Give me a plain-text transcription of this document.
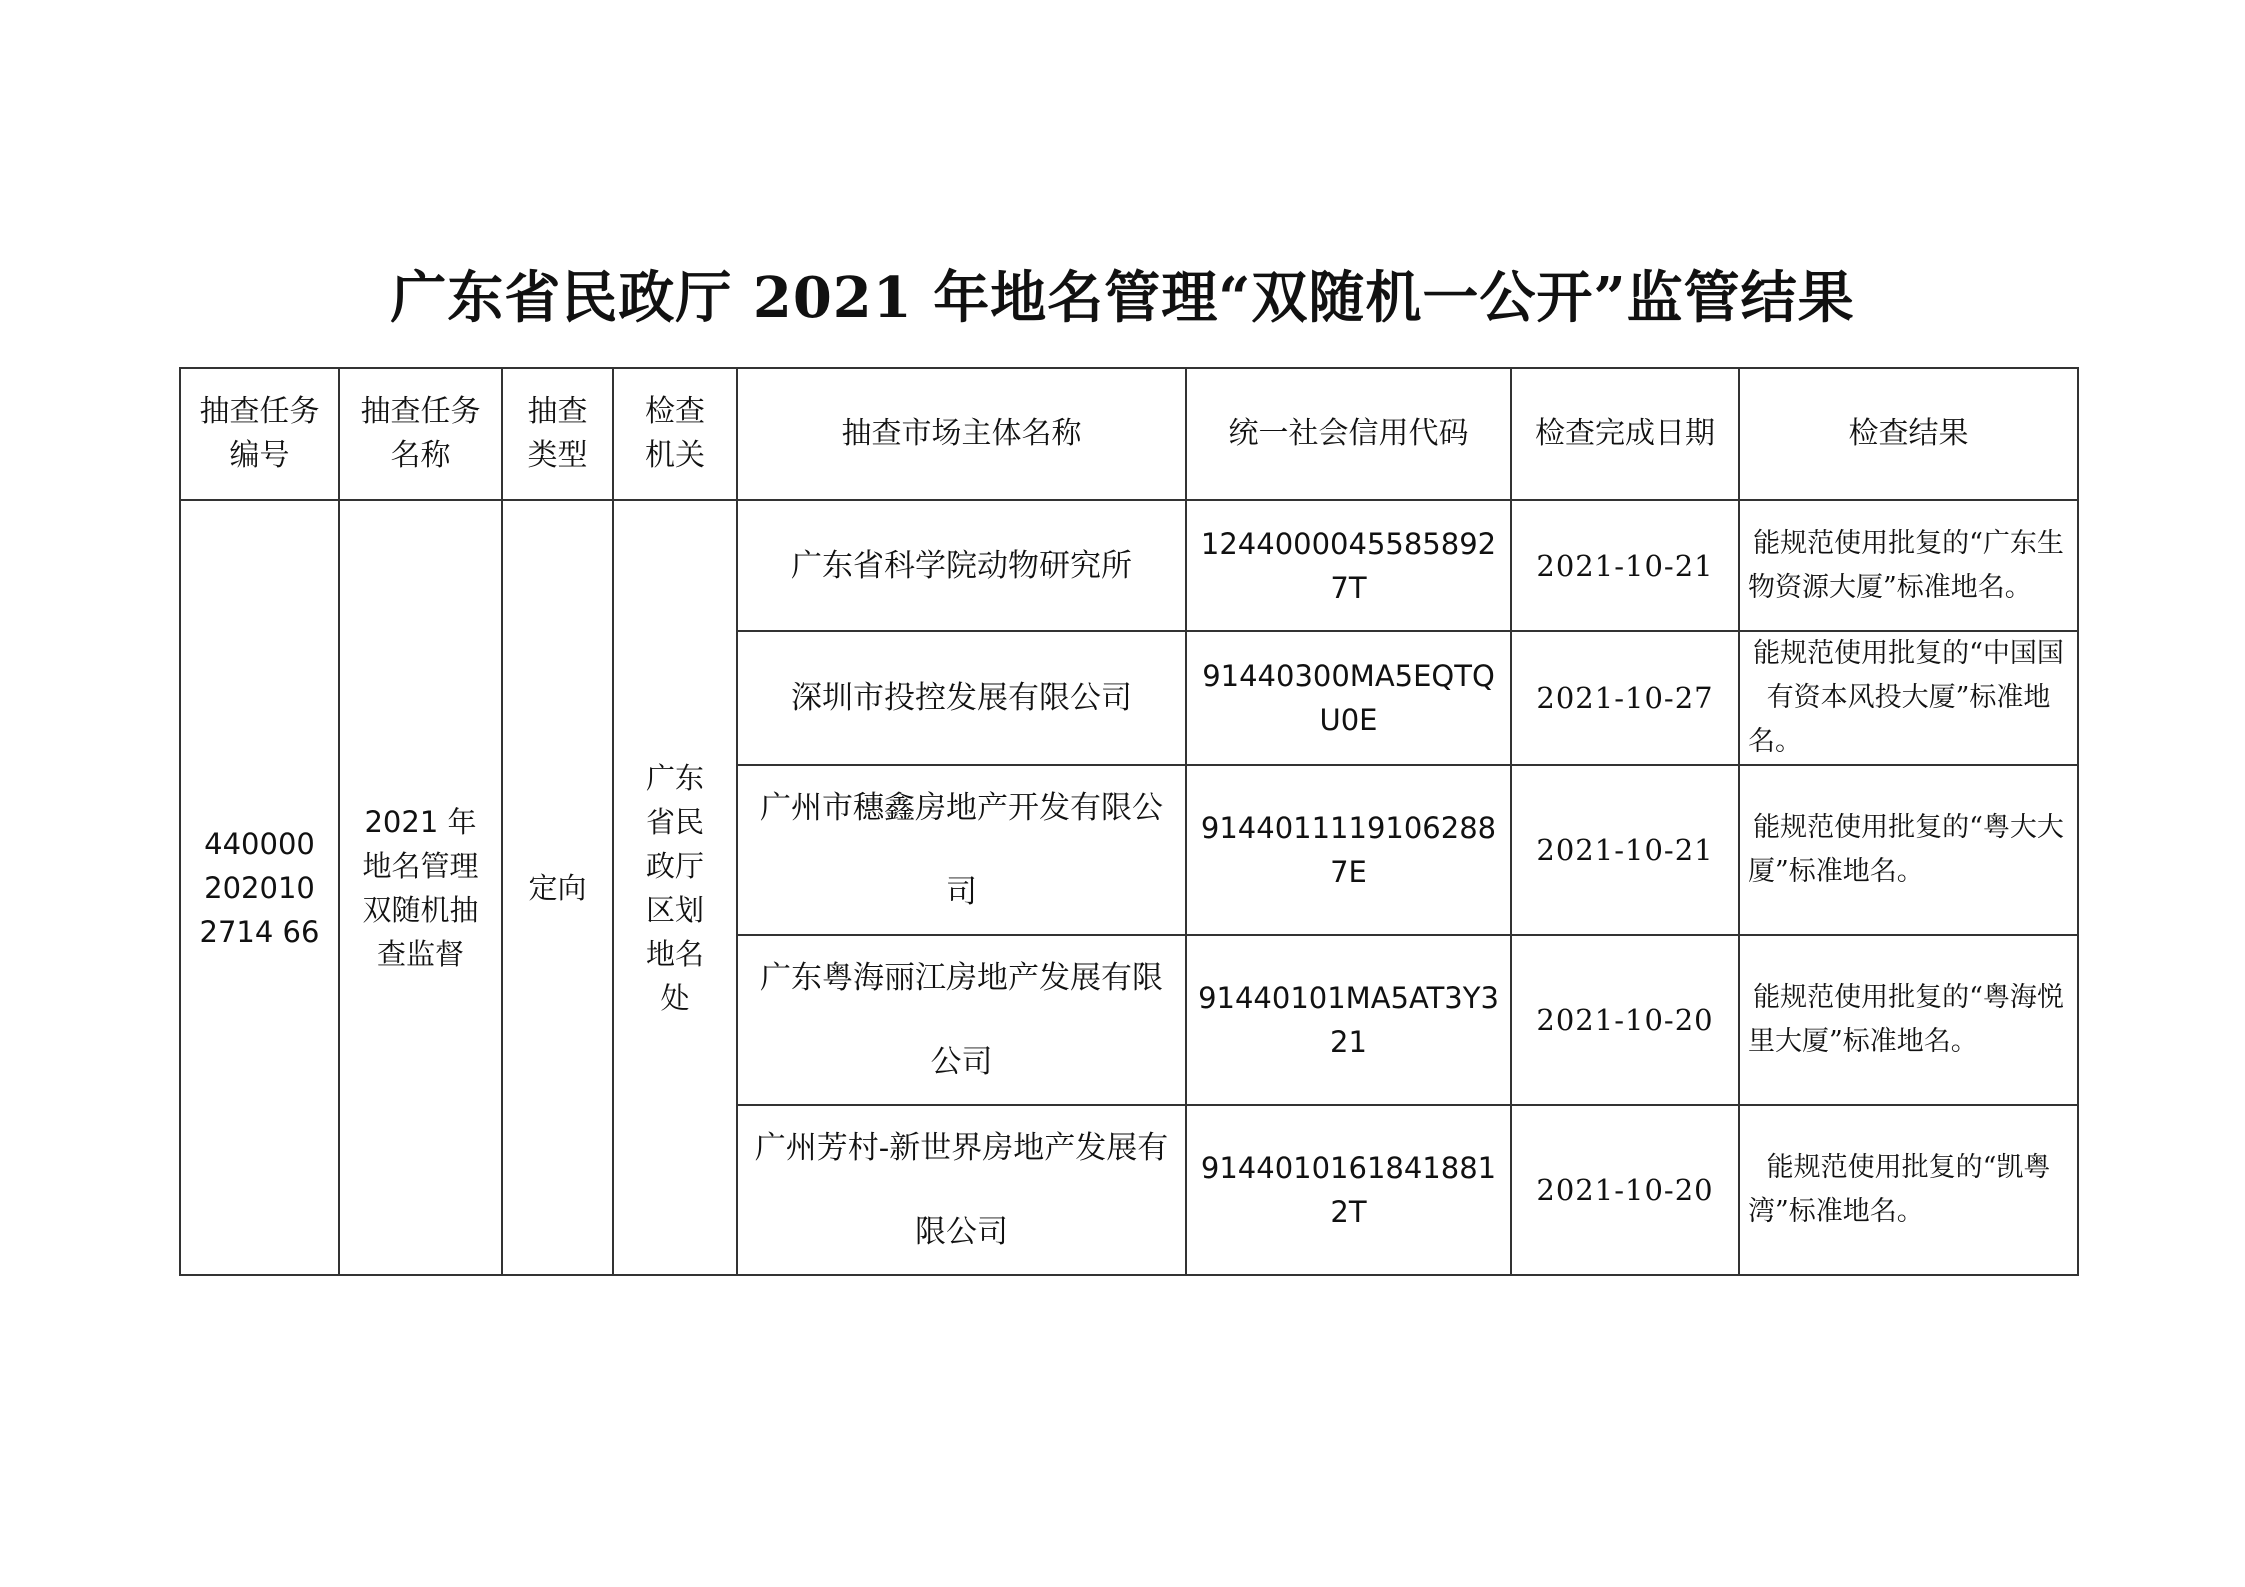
广东省民政厅 2021 年地名管理“双随机一公开”监管结果
抽查任务编号	抽查任务名称	抽查类型	检查机关	抽查市场主体名称	统一社会信用代码	检查完成日期	检查结果

4400002020102714 66	2021 年地名管理双随机抽查监督	定向	广东省民政厅区划地名处	广东省科学院动物研究所	12440000455858927T	2021-10-21	能规范使用批复的“广东生物资源大厦”标准地名。
				深圳市投控发展有限公司	91440300MA5EQTQU0E	2021-10-27	能规范使用批复的“中国国有资本风投大厦”标准地名。
				广州市穗鑫房地产开发有限公司	91440111191062887E	2021-10-21	能规范使用批复的“粤大大厦”标准地名。
				广东粤海丽江房地产发展有限公司	91440101MA5AT3Y321	2021-10-20	能规范使用批复的“粤海悦里大厦”标准地名。
				广州芳村-新世界房地产发展有限公司	91440101618418812T	2021-10-20	能规范使用批复的“凯粤湾”标准地名。
